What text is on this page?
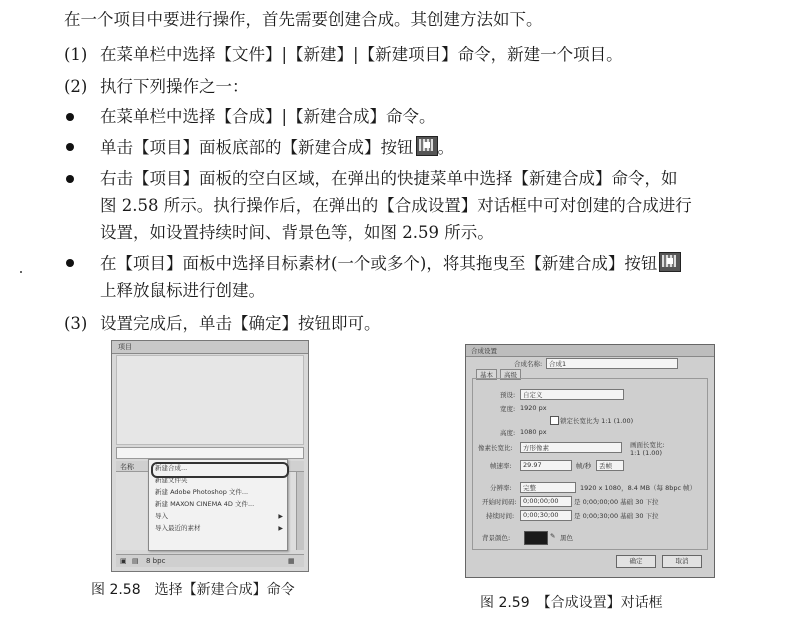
在一个项目中要进行操作，首先需要创建合成。其创建方法如下。
(1) 在菜单栏中选择【文件】|【新建】|【新建项目】命令，新建一个项目。
(2) 执行下列操作之一：
在菜单栏中选择【合成】|【新建合成】命令。
单击【项目】面板底部的【新建合成】按钮 。
右击【项目】面板的空白区域，在弹出的快捷菜单中选择【新建合成】命令，如
图 2.58 所示。执行操作后，在弹出的【合成设置】对话框中可对创建的合成进行
设置，如设置持续时间、背景色等，如图 2.59 所示。
在【项目】面板中选择目标素材(一个或多个)，将其拖曳至【新建合成】按钮
上释放鼠标进行创建。
(3) 设置完成后，单击【确定】按钮即可。
项目
名称	新建合成...
新建文件夹
新建 Adobe Photoshop 文件...
新建 MAXON CINEMA 4D 文件...
导入	▶
导入最近的素材	▶
▣ ▤ 8 bpc	▦
图 2.58　选择【新建合成】命令
合成设置
合成名称: 合成1
基本	高级
预设: 自定义
宽度: 1920 px
锁定长宽比为 1:1 (1.00)
高度: 1080 px
像素长宽比: 方形像素	画面长宽比:
1:1 (1.00)
帧速率: 29.97	帧/秒 丢帧
分辨率: 完整	1920 x 1080，8.4 MB（每 8bpc 帧）
开始时间码: 0;00;00;00 是 0;00;00;00 基础 30 下拉
持续时间: 0;00;30;00 是 0;00;30;00 基础 30 下拉
背景颜色:	✎ 黑色
确定	取消
图 2.59　【合成设置】对话框
